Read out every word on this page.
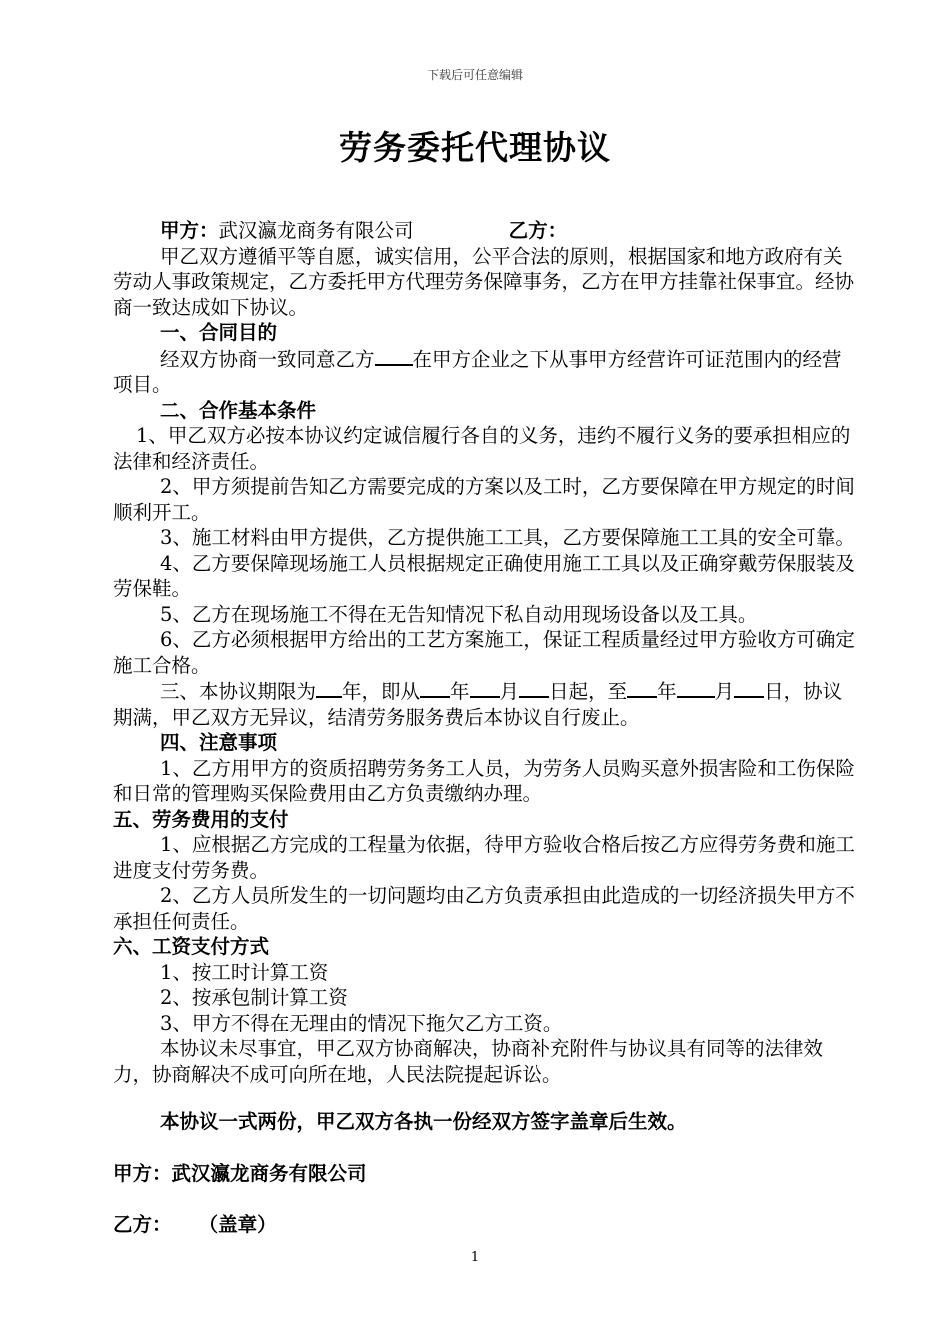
下载后可任意编辑
劳务委托代理协议

甲方：武汉瀛龙商务有限公司	乙方：

甲乙双方遵循平等自愿，诚实信用，公平合法的原则，根据国家和地方政府有关劳动人事政策规定，乙方委托甲方代理劳务保障事务，乙方在甲方挂靠社保事宜。经协商一致达成如下协议。

一、合同目的

经双方协商一致同意乙方 在甲方企业之下从事甲方经营许可证范围内的经营项目。

二、合作基本条件

1、甲乙双方必按本协议约定诚信履行各自的义务，违约不履行义务的要承担相应的法律和经济责任。

2、甲方须提前告知乙方需要完成的方案以及工时，乙方要保障在甲方规定的时间顺利开工。

3、施工材料由甲方提供，乙方提供施工工具，乙方要保障施工工具的安全可靠。

4、乙方要保障现场施工人员根据规定正确使用施工工具以及正确穿戴劳保服装及劳保鞋。

5、乙方在现场施工不得在无告知情况下私自动用现场设备以及工具。

6、乙方必须根据甲方给出的工艺方案施工，保证工程质量经过甲方验收方可确定施工合格。

三、本协议期限为 年，即从 年 月 日起，至 年 月 日，协议期满，甲乙双方无异议，结清劳务服务费后本协议自行废止。

四、注意事项

1、乙方用甲方的资质招聘劳务务工人员，为劳务人员购买意外损害险和工伤保险和日常的管理购买保险费用由乙方负责缴纳办理。

五、劳务费用的支付

1、应根据乙方完成的工程量为依据，待甲方验收合格后按乙方应得劳务费和施工进度支付劳务费。

2、乙方人员所发生的一切问题均由乙方负责承担由此造成的一切经济损失甲方不承担任何责任。

六、工资支付方式

1、按工时计算工资

2、按承包制计算工资

3、甲方不得在无理由的情况下拖欠乙方工资。

本协议未尽事宜，甲乙双方协商解决，协商补充附件与协议具有同等的法律效力，协商解决不成可向所在地，人民法院提起诉讼。

本协议一式两份，甲乙双方各执一份经双方签字盖章后生效。

甲方：武汉瀛龙商务有限公司

乙方： （盖章）

1
